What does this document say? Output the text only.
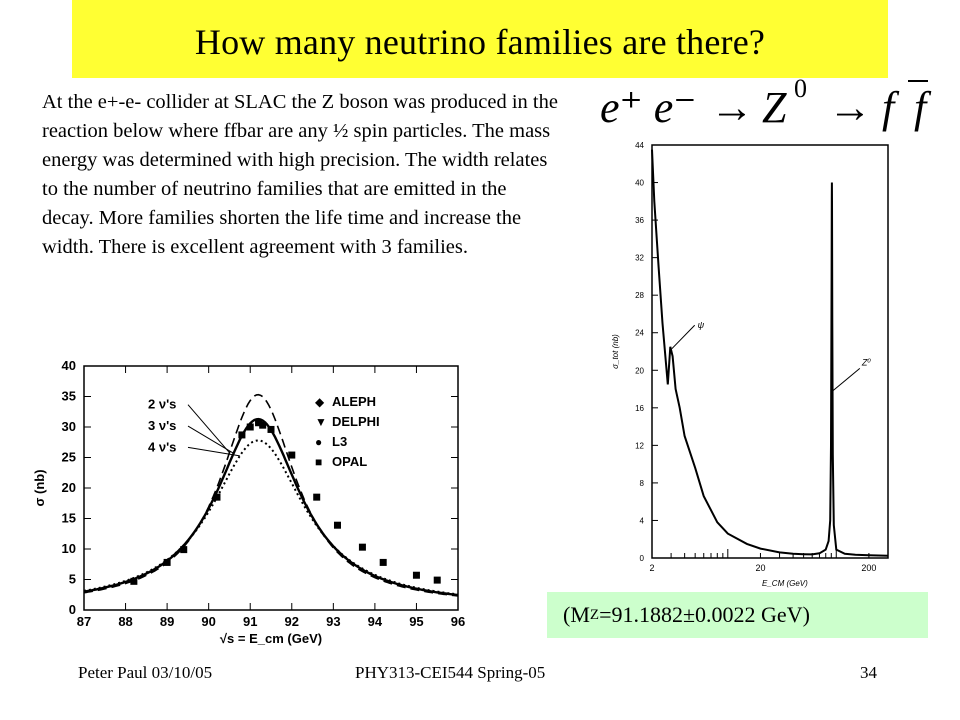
How many neutrino families are there?
At the e+-e- collider at SLAC the Z boson was produced in the reaction below where ffbar are any ½ spin particles. The mass energy was determined with high precision. The width relates to the number of neutrino families that are emitted in the decay. More families shorten the life time and increase the width. There is excellent agreement with 3 families.
e⁺ e⁻ → Z 0 → f f
87 88 89 90 91 92 93 94 95 96
0
5
10
15
20
25
30
35
40
√s = E_cm (GeV)
σ (nb)
2 ν's
3 ν's
4 ν's
◆ ALEPH
▼ DELPHI
● L3
■ OPAL
0
4
8
12
16
20
24
28
32
36
40
44
2	20	200
E_CM (GeV)
σ_tot (nb)
ψ
Z⁰
(M Z =91.1882±0.0022 GeV)
Peter Paul 03/10/05	PHY313-CEI544 Spring-05	34
